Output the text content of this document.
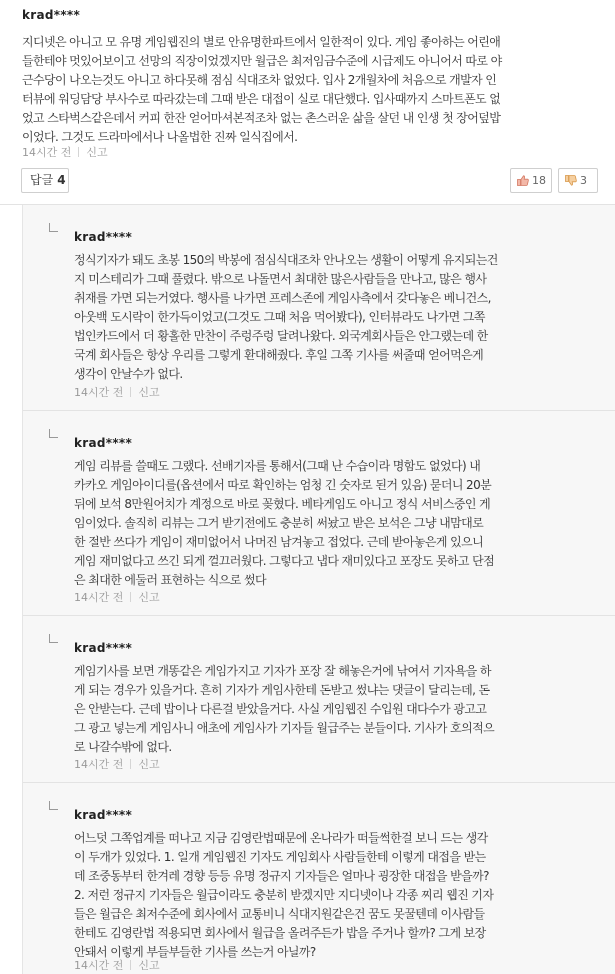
krad****
지디넷은 아니고 모 유명 게임웹진의 별로 안유명한파트에서 일한적이 있다. 게임 좋아하는 어린애
들한테야 멋있어보이고 선망의 직장이었겠지만 월급은 최저임금수준에 시급제도 아니어서 따로 야
근수당이 나오는것도 아니고 하다못해 점심 식대조차 없었다. 입사 2개월차에 처음으로 개발자 인
터뷰에 워딩담당 부사수로 따라갔는데 그때 받은 대접이 실로 대단했다. 입사때까지 스마트폰도 없
었고 스타벅스같은데서 커피 한잔 얻어마셔본적조차 없는 촌스러운 삶을 살던 내 인생 첫 장어덮밥
이었다. 그것도 드라마에서나 나올법한 진짜 일식집에서.
14시간 전 신고
답글 4	18	3
krad****
정식기자가 돼도 초봉 150의 박봉에 점심식대조차 안나오는 생활이 어떻게 유지되는건
지 미스테리가 그때 풀렸다. 밖으로 나돌면서 최대한 많은사람들을 만나고, 많은 행사
취재를 가면 되는거였다. 행사를 나가면 프레스존에 게임사측에서 갖다놓은 베니건스,
아웃백 도시락이 한가득이었고(그것도 그때 처음 먹어봤다), 인터뷰라도 나가면 그쪽
법인카드에서 더 황홀한 만찬이 주렁주렁 달려나왔다. 외국계회사들은 안그랬는데 한
국계 회사들은 항상 우리를 그렇게 환대해줬다. 후일 그쪽 기사를 써줄때 얻어먹은게
생각이 안날수가 없다.
14시간 전 신고
krad****
게임 리뷰를 쓸때도 그랬다. 선배기자를 통해서(그때 난 수습이라 명함도 없었다) 내
카카오 게임아이디를(옵션에서 따로 확인하는 엄청 긴 숫자로 된거 있음) 묻더니 20분
뒤에 보석 8만원어치가 계정으로 바로 꽂혔다. 베타게임도 아니고 정식 서비스중인 게
임이었다. 솔직히 리뷰는 그거 받기전에도 충분히 써놨고 받은 보석은 그냥 내맘대로
한 절반 쓰다가 게임이 재미없어서 나머진 남겨놓고 접었다. 근데 받아놓은게 있으니
게임 재미없다고 쓰긴 되게 껄끄러웠다. 그렇다고 냅다 재미있다고 포장도 못하고 단점
은 최대한 에둘러 표현하는 식으로 썼다
14시간 전 신고
krad****
게임기사를 보면 개똥같은 게임가지고 기자가 포장 잘 해놓은거에 낚여서 기자욕을 하
게 되는 경우가 있을거다. 흔히 기자가 게임사한테 돈받고 썼냐는 댓글이 달리는데, 돈
은 안받는다. 근데 밥이나 다른걸 받았을거다. 사실 게임웹진 수입원 대다수가 광고고
그 광고 넣는게 게임사니 애초에 게임사가 기자들 월급주는 분들이다. 기사가 호의적으
로 나갈수밖에 없다.
14시간 전 신고
krad****
어느덧 그쪽업계를 떠나고 지금 김영란법때문에 온나라가 떠들썩한걸 보니 드는 생각
이 두개가 있었다. 1. 일개 게임웹진 기자도 게임회사 사람들한테 이렇게 대접을 받는
데 조중동부터 한겨레 경향 등등 유명 정규지 기자들은 얼마나 굉장한 대접을 받을까?
2. 저런 정규지 기자들은 월급이라도 충분히 받겠지만 지디넷이나 각종 찌리 웹진 기자
들은 월급은 최저수준에 회사에서 교통비니 식대지원같은건 꿈도 못꿀텐데 이사람들
한테도 김영란법 적용되면 회사에서 월급을 올려주든가 밥을 주거나 할까? 그게 보장
안돼서 이렇게 부들부들한 기사를 쓰는거 아닐까?
14시간 전 신고
